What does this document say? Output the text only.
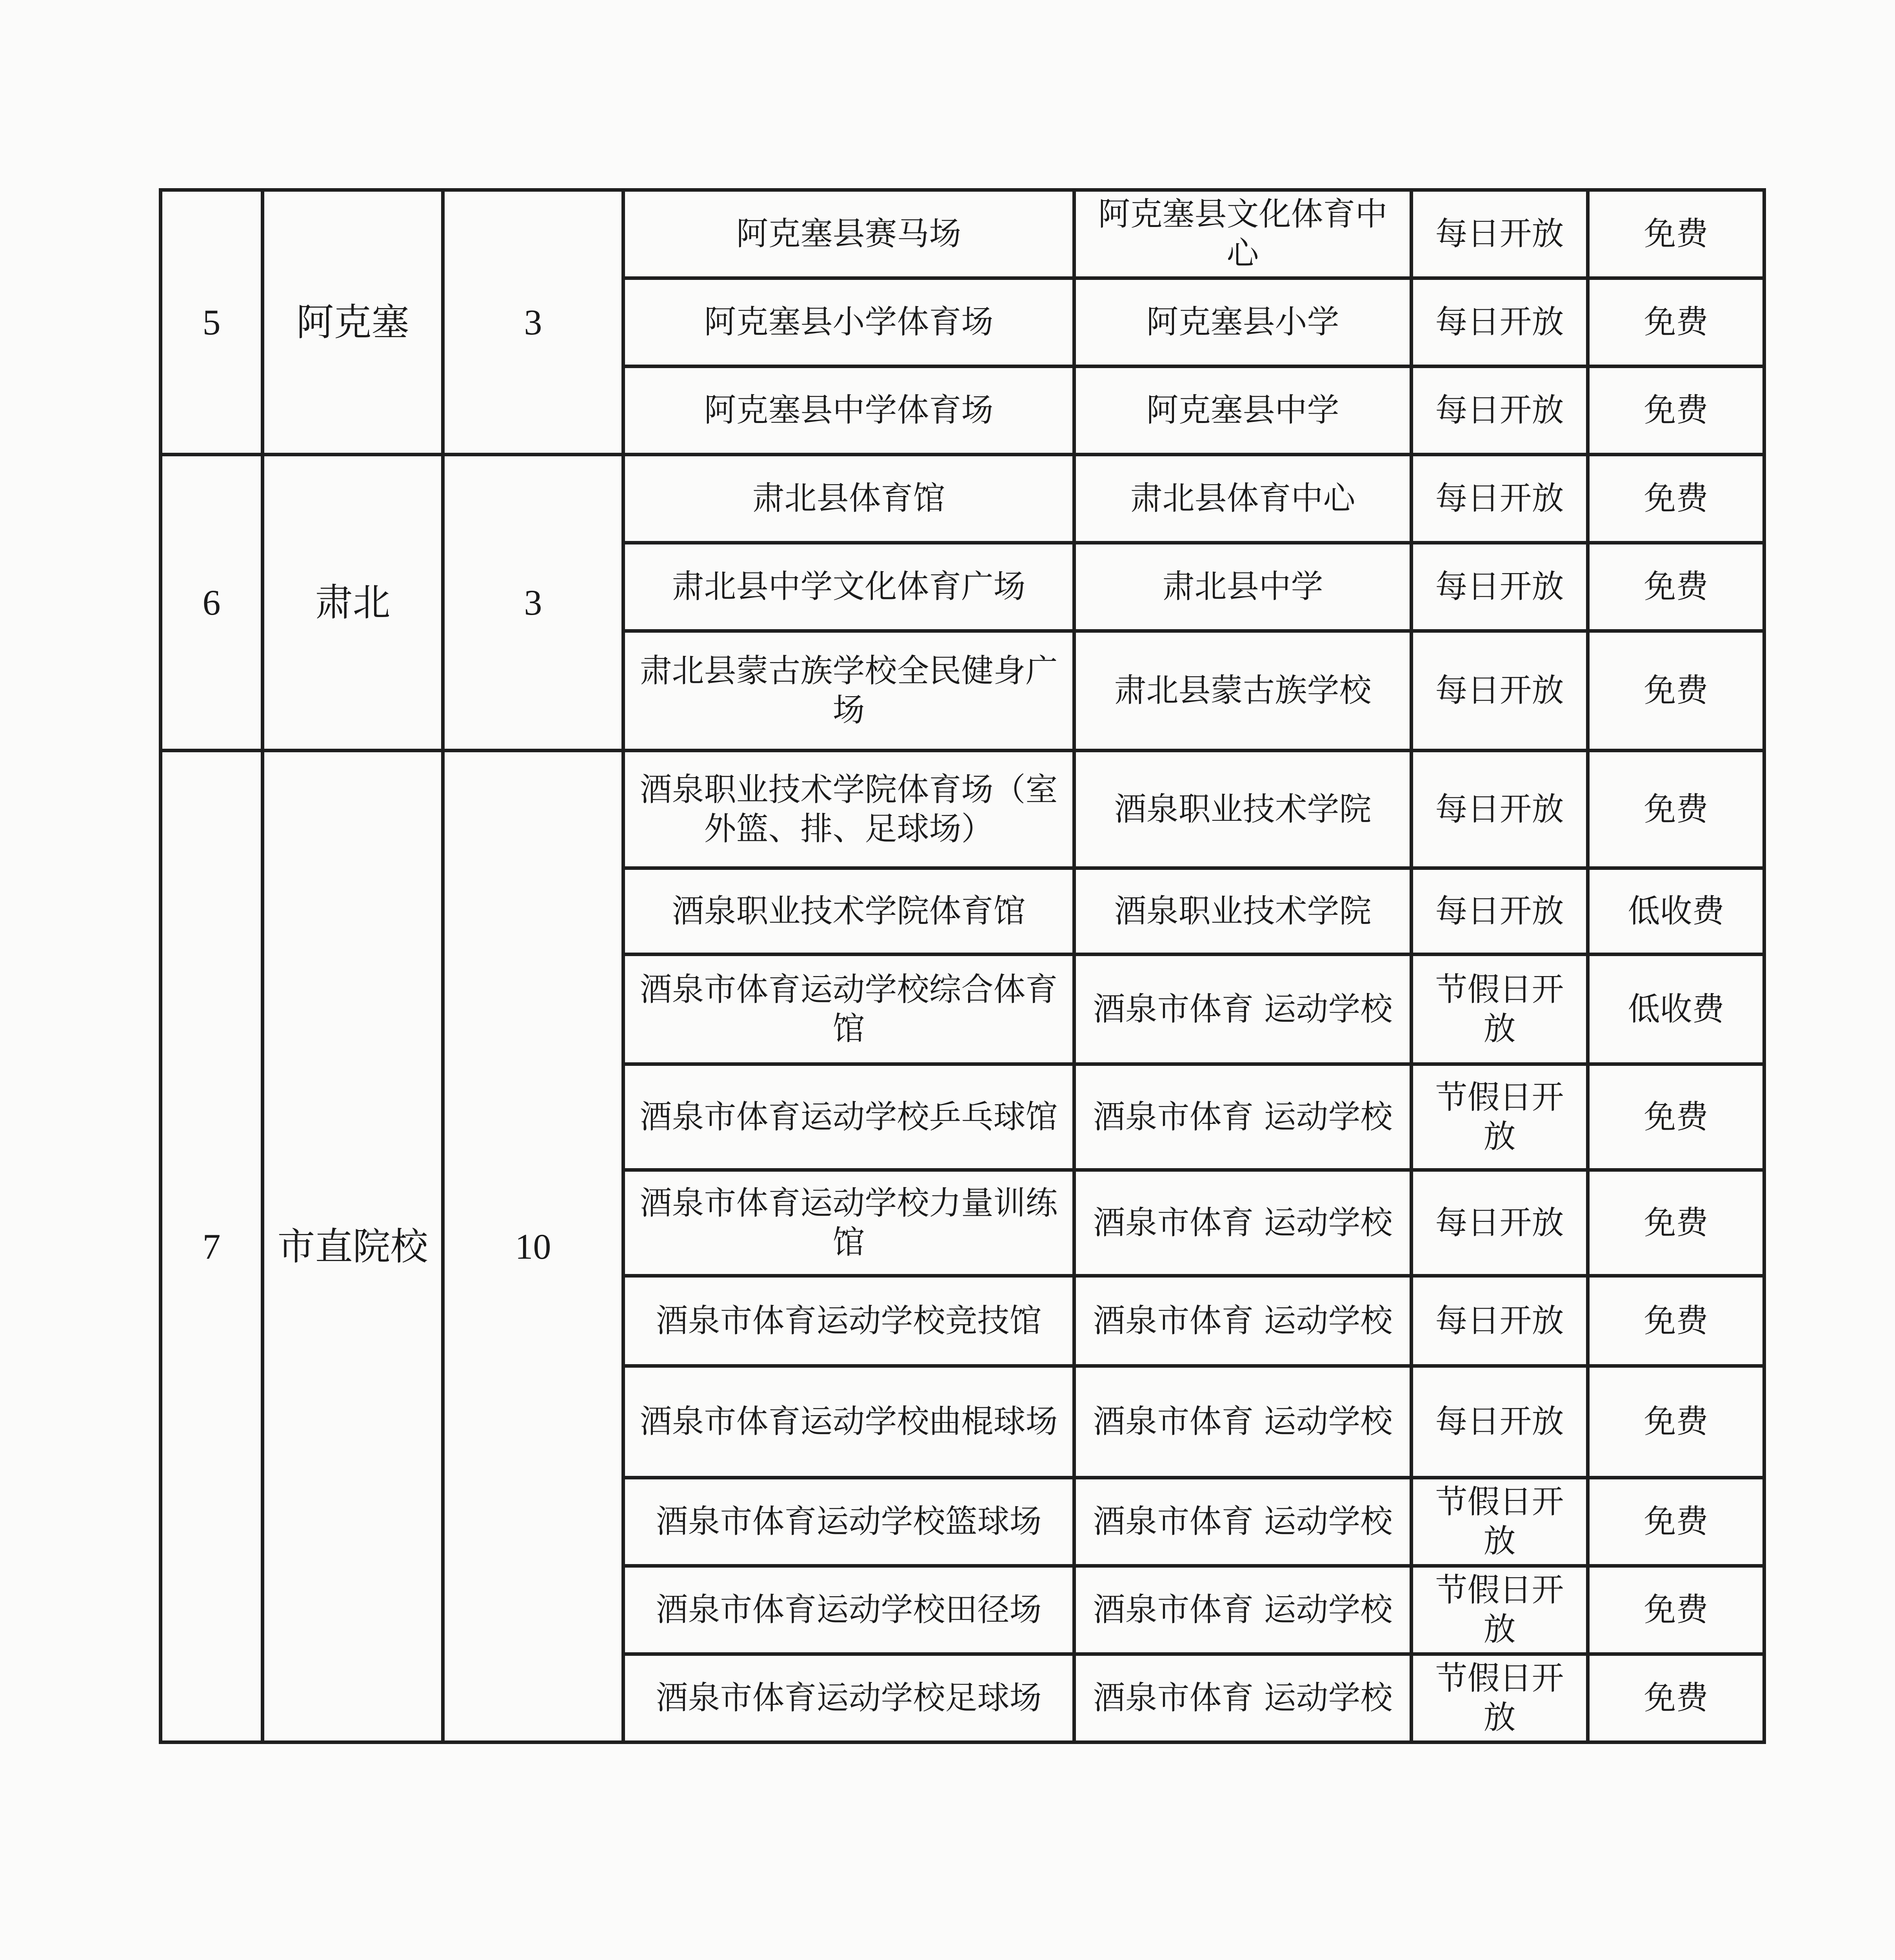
5	阿克塞	3	阿克塞县赛马场	阿克塞县文化体育中心	每日开放	免费
			阿克塞县小学体育场	阿克塞县小学	每日开放	免费
			阿克塞县中学体育场	阿克塞县中学	每日开放	免费
6	肃北	3	肃北县体育馆	肃北县体育中心	每日开放	免费
			肃北县中学文化体育广场	肃北县中学	每日开放	免费
			肃北县蒙古族学校全民健身广场	肃北县蒙古族学校	每日开放	免费
7	市直院校	10	酒泉职业技术学院体育场（室外篮、排、足球场）	酒泉职业技术学院	每日开放	免费
			酒泉职业技术学院体育馆	酒泉职业技术学院	每日开放	低收费
			酒泉市体育运动学校综合体育馆	酒泉市体育 运动学校	节假日开放	低收费
			酒泉市体育运动学校乒乓球馆	酒泉市体育 运动学校	节假日开放	免费
			酒泉市体育运动学校力量训练馆	酒泉市体育 运动学校	每日开放	免费
			酒泉市体育运动学校竞技馆	酒泉市体育 运动学校	每日开放	免费
			酒泉市体育运动学校曲棍球场	酒泉市体育 运动学校	每日开放	免费
			酒泉市体育运动学校篮球场	酒泉市体育 运动学校	节假日开放	免费
			酒泉市体育运动学校田径场	酒泉市体育 运动学校	节假日开放	免费
			酒泉市体育运动学校足球场	酒泉市体育 运动学校	节假日开放	免费
